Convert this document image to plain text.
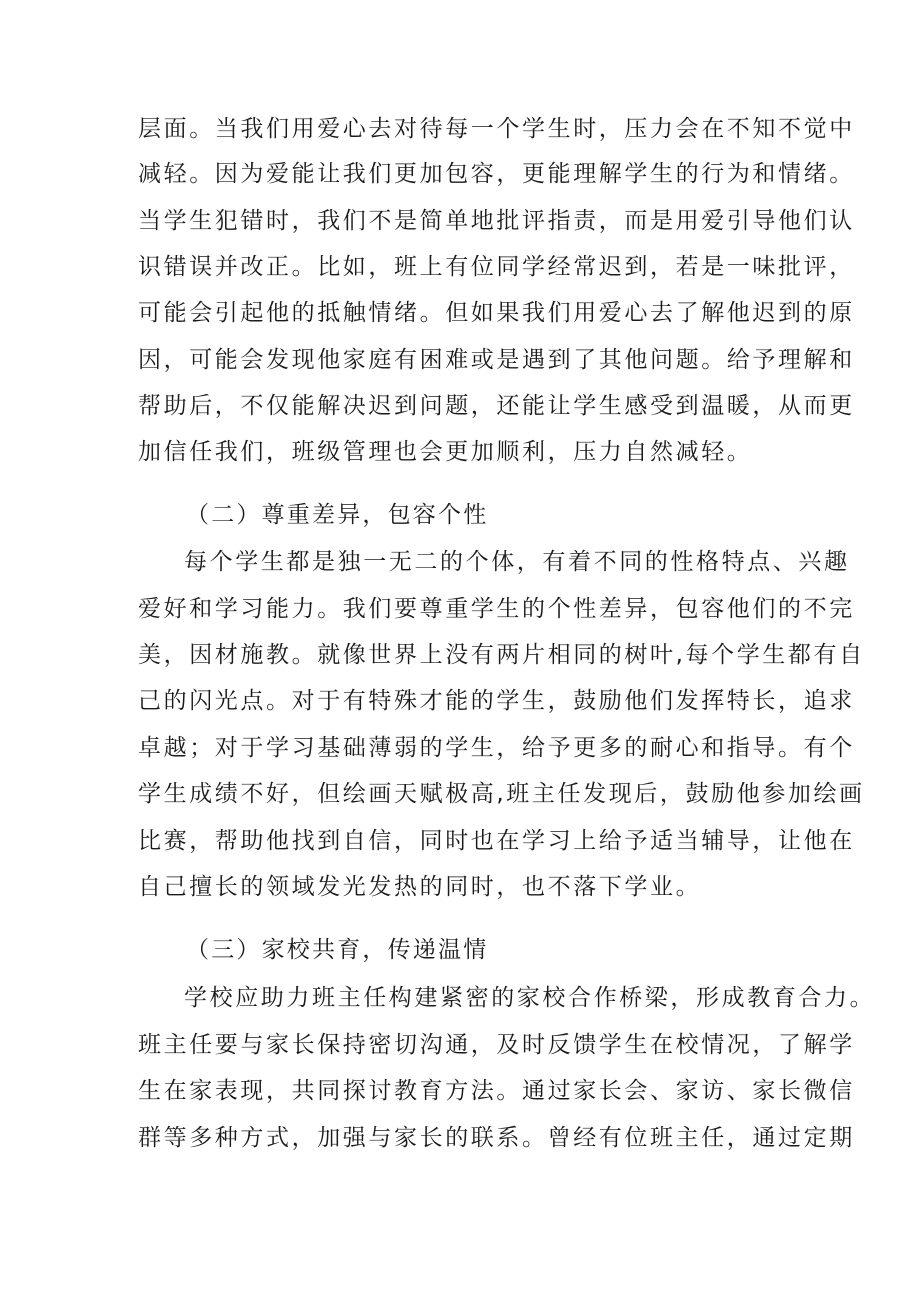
层面。当我们用爱心去对待每一个学生时，压力会在不知不觉中
减轻。因为爱能让我们更加包容，更能理解学生的行为和情绪。
当学生犯错时，我们不是简单地批评指责，而是用爱引导他们认
识错误并改正。比如，班上有位同学经常迟到，若是一味批评，
可能会引起他的抵触情绪。但如果我们用爱心去了解他迟到的原
因，可能会发现他家庭有困难或是遇到了其他问题。给予理解和
帮助后，不仅能解决迟到问题，还能让学生感受到温暖，从而更
加信任我们，班级管理也会更加顺利，压力自然减轻。
（二）尊重差异，包容个性
每个学生都是独一无二的个体，有着不同的性格特点、兴趣
爱好和学习能力。我们要尊重学生的个性差异，包容他们的不完
美，因材施教。就像世界上没有两片相同的树叶,每个学生都有自
己的闪光点。对于有特殊才能的学生，鼓励他们发挥特长，追求
卓越；对于学习基础薄弱的学生，给予更多的耐心和指导。有个
学生成绩不好，但绘画天赋极高,班主任发现后，鼓励他参加绘画
比赛，帮助他找到自信，同时也在学习上给予适当辅导，让他在
自己擅长的领域发光发热的同时，也不落下学业。
（三）家校共育，传递温情
学校应助力班主任构建紧密的家校合作桥梁，形成教育合力。
班主任要与家长保持密切沟通，及时反馈学生在校情况，了解学
生在家表现，共同探讨教育方法。通过家长会、家访、家长微信
群等多种方式，加强与家长的联系。曾经有位班主任，通过定期
